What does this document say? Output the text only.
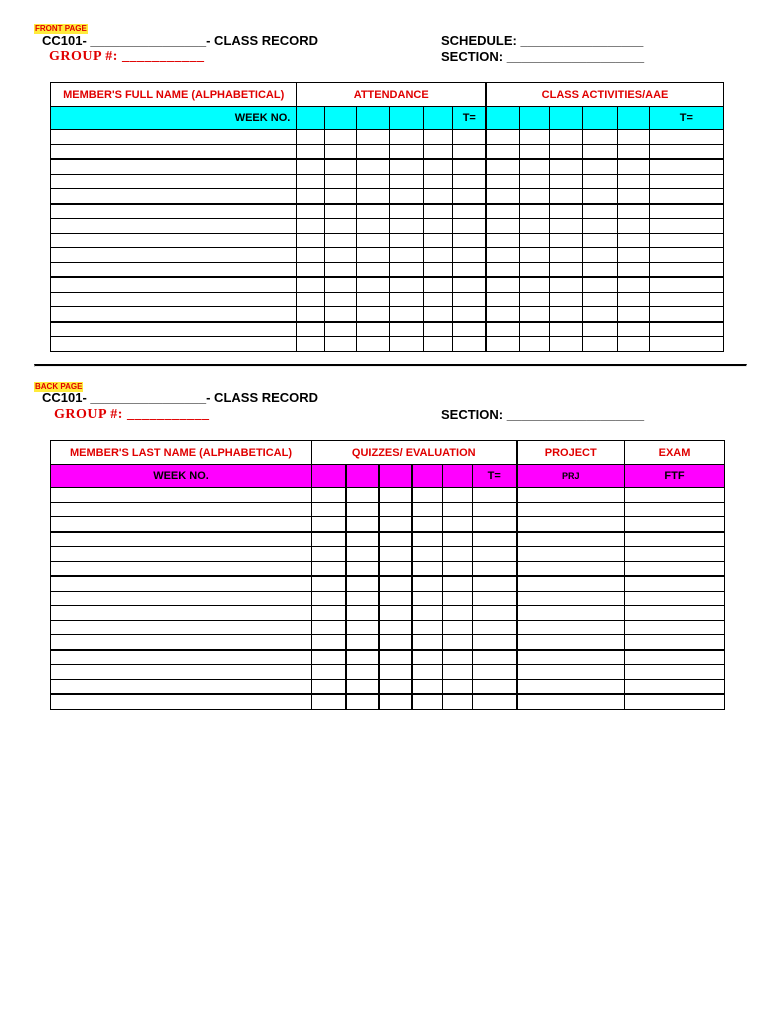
FRONT PAGE
CC101- ________________- CLASS RECORD
GROUP #: ___________
SCHEDULE: _________________
SECTION: ___________________
MEMBER'S FULL NAME (ALPHABETICAL)	ATTENDANCE						CLASS ACTIVITIES/AAE					
WEEK NO.						T=						T=

BACK PAGE
CC101- ________________- CLASS RECORD
GROUP #: ___________	SECTION: ___________________
MEMBER'S LAST NAME (ALPHABETICAL)	QUIZZES/ EVALUATION						PROJECT	EXAM
WEEK NO.						T=	PRJ	FTF
